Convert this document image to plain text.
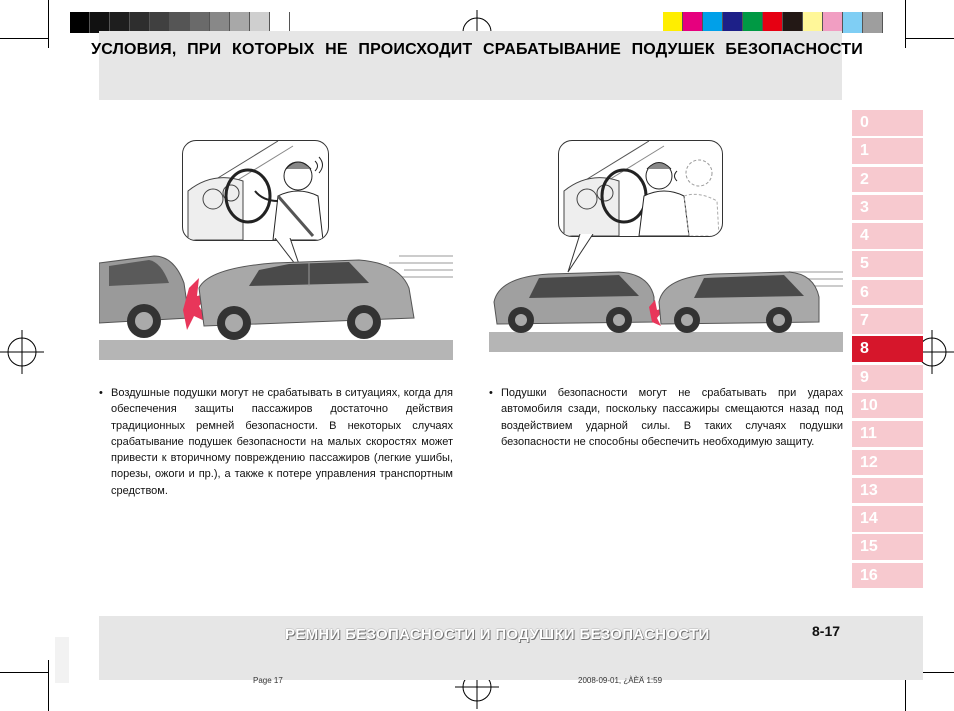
УСЛОВИЯ, ПРИ КОТОРЫХ НЕ ПРОИСХОДИТ СРАБАТЫВАНИЕ ПОДУШЕК БЕЗОПАСНОСТИ
0
1
2
3
4
5
6
7
8
9
10
11
12
13
14
15
16
• Воздушные подушки могут не срабатывать в ситуациях, когда для обеспечения защиты пассажиров достаточно действия традиционных ремней безопасности. В некоторых случаях срабатывание подушек безопасности на малых скоростях может привести к вторичному повреждению пассажиров (легкие ушибы, порезы, ожоги и пр.), а также к потере управления транспортным средством.
• Подушки безопасности могут не срабатывать при ударах автомобиля сзади, поскольку пассажиры смещаются назад под воздействием ударной силы. В таких случаях подушки безопасности не способны обеспечить необходимую защиту.
РЕМНИ БЕЗОПАСНОСТИ И ПОДУШКИ БЕЗОПАСНОСТИ	8-17
Page 17	2008-09-01, ¿ÀÈÄ 1:59
